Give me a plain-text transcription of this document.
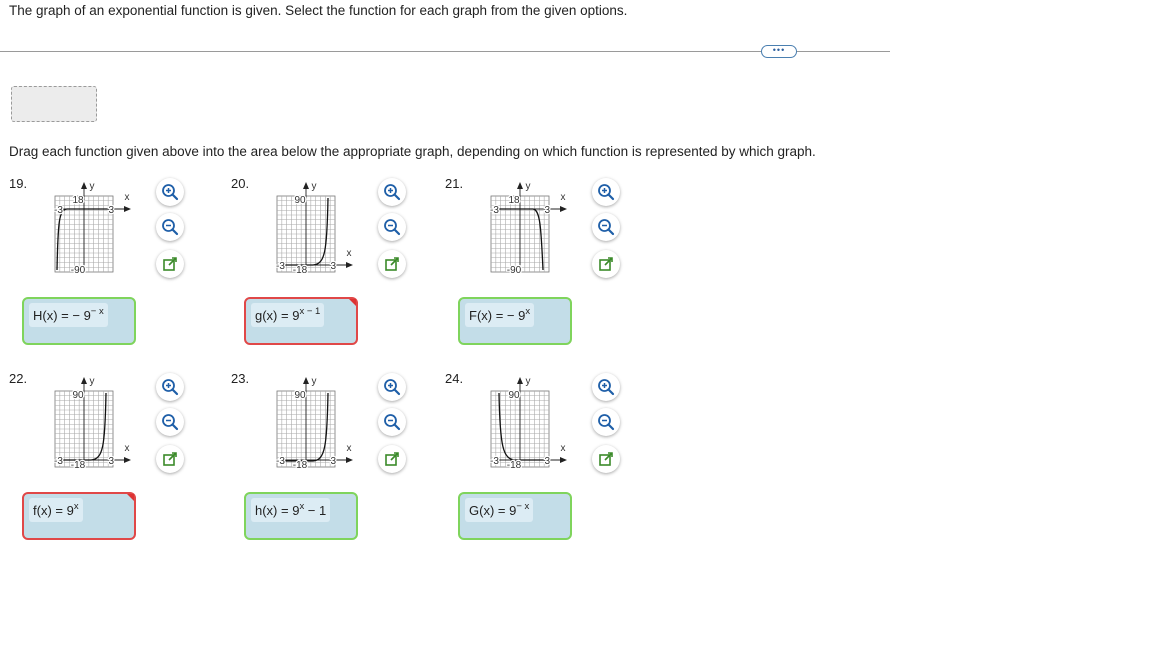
The graph of an exponential function is given. Select the function for each graph from the given options.
•••
Drag each function given above into the area below the appropriate graph, depending on which function is represented by which graph.
19.
18
-90
-3	3
y
x
H(x) = − $9^{- x}$
20.
90
-18
-3	3
y
x
$g(x) = 9^{x - 1}$
21.
18
-90
-3	3
y
x
F(x) = − $9^x$
22.
90
-18
-3	3
y
x
$f(x) = 9^x$
23.
90
-18
-3	3
y
x
$h(x) = 9^x - 1$
24.
90
-18
-3	3
y
x
$G(x) = 9^{- x}$
